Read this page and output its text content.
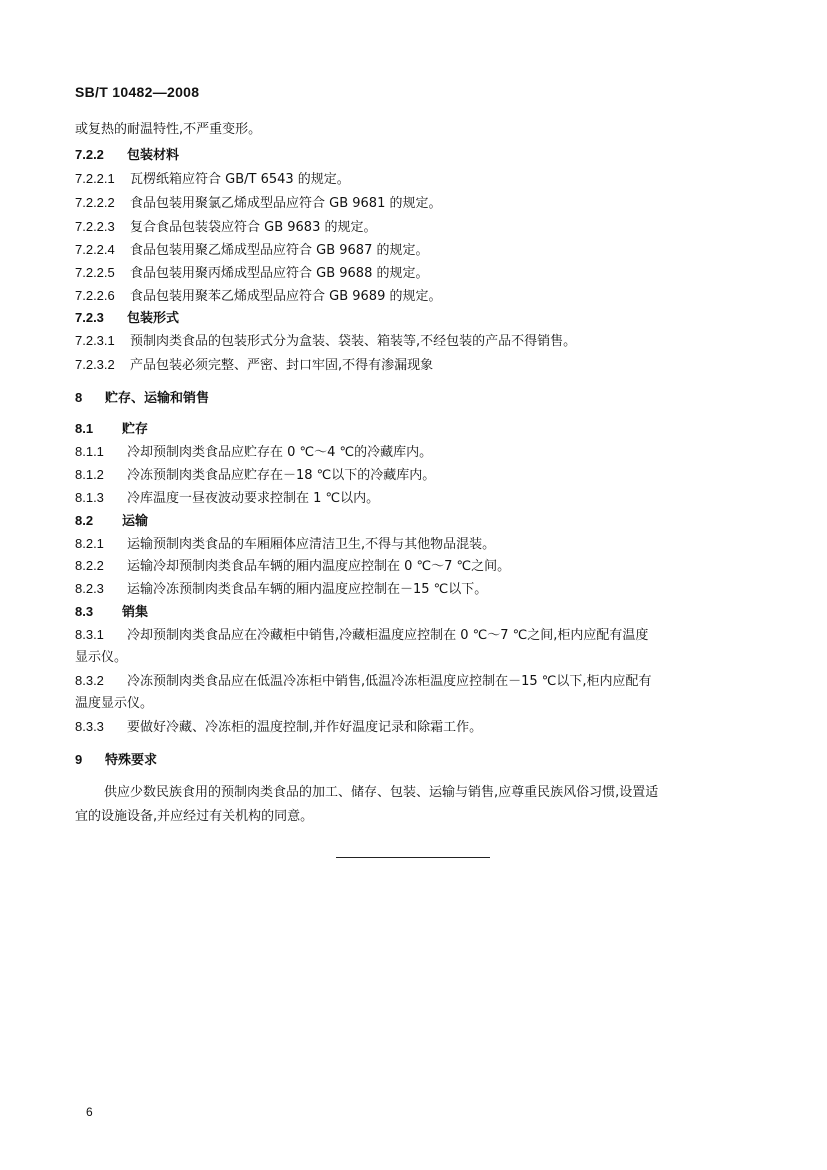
SB/T 10482—2008
或复热的耐温特性,不严重变形。
7.2.2 包装材料
7.2.2.1 瓦楞纸箱应符合 GB/T 6543 的规定。
7.2.2.2 食品包装用聚氯乙烯成型品应符合 GB 9681 的规定。
7.2.2.3 复合食品包装袋应符合 GB 9683 的规定。
7.2.2.4 食品包装用聚乙烯成型品应符合 GB 9687 的规定。
7.2.2.5 食品包装用聚丙烯成型品应符合 GB 9688 的规定。
7.2.2.6 食品包装用聚苯乙烯成型品应符合 GB 9689 的规定。
7.2.3 包装形式
7.2.3.1 预制肉类食品的包装形式分为盒装、袋装、箱装等,不经包装的产品不得销售。
7.2.3.2 产品包装必须完整、严密、封口牢固,不得有渗漏现象
8 贮存、运输和销售
8.1 贮存
8.1.1 冷却预制肉类食品应贮存在 0 ℃～4 ℃的冷藏库内。
8.1.2 冷冻预制肉类食品应贮存在－18 ℃以下的冷藏库内。
8.1.3 冷库温度一昼夜波动要求控制在 1 ℃以内。
8.2 运输
8.2.1 运输预制肉类食品的车厢厢体应清洁卫生,不得与其他物品混装。
8.2.2 运输冷却预制肉类食品车辆的厢内温度应控制在 0 ℃～7 ℃之间。
8.2.3 运输冷冻预制肉类食品车辆的厢内温度应控制在－15 ℃以下。
8.3 销集
8.3.1 冷却预制肉类食品应在冷藏柜中销售,冷藏柜温度应控制在 0 ℃～7 ℃之间,柜内应配有温度
显示仪。
8.3.2 冷冻预制肉类食品应在低温冷冻柜中销售,低温冷冻柜温度应控制在－15 ℃以下,柜内应配有
温度显示仪。
8.3.3 要做好冷藏、冷冻柜的温度控制,并作好温度记录和除霜工作。
9 特殊要求
供应少数民族食用的预制肉类食品的加工、储存、包装、运输与销售,应尊重民族风俗习惯,设置适
宜的设施设备,并应经过有关机构的同意。
6
